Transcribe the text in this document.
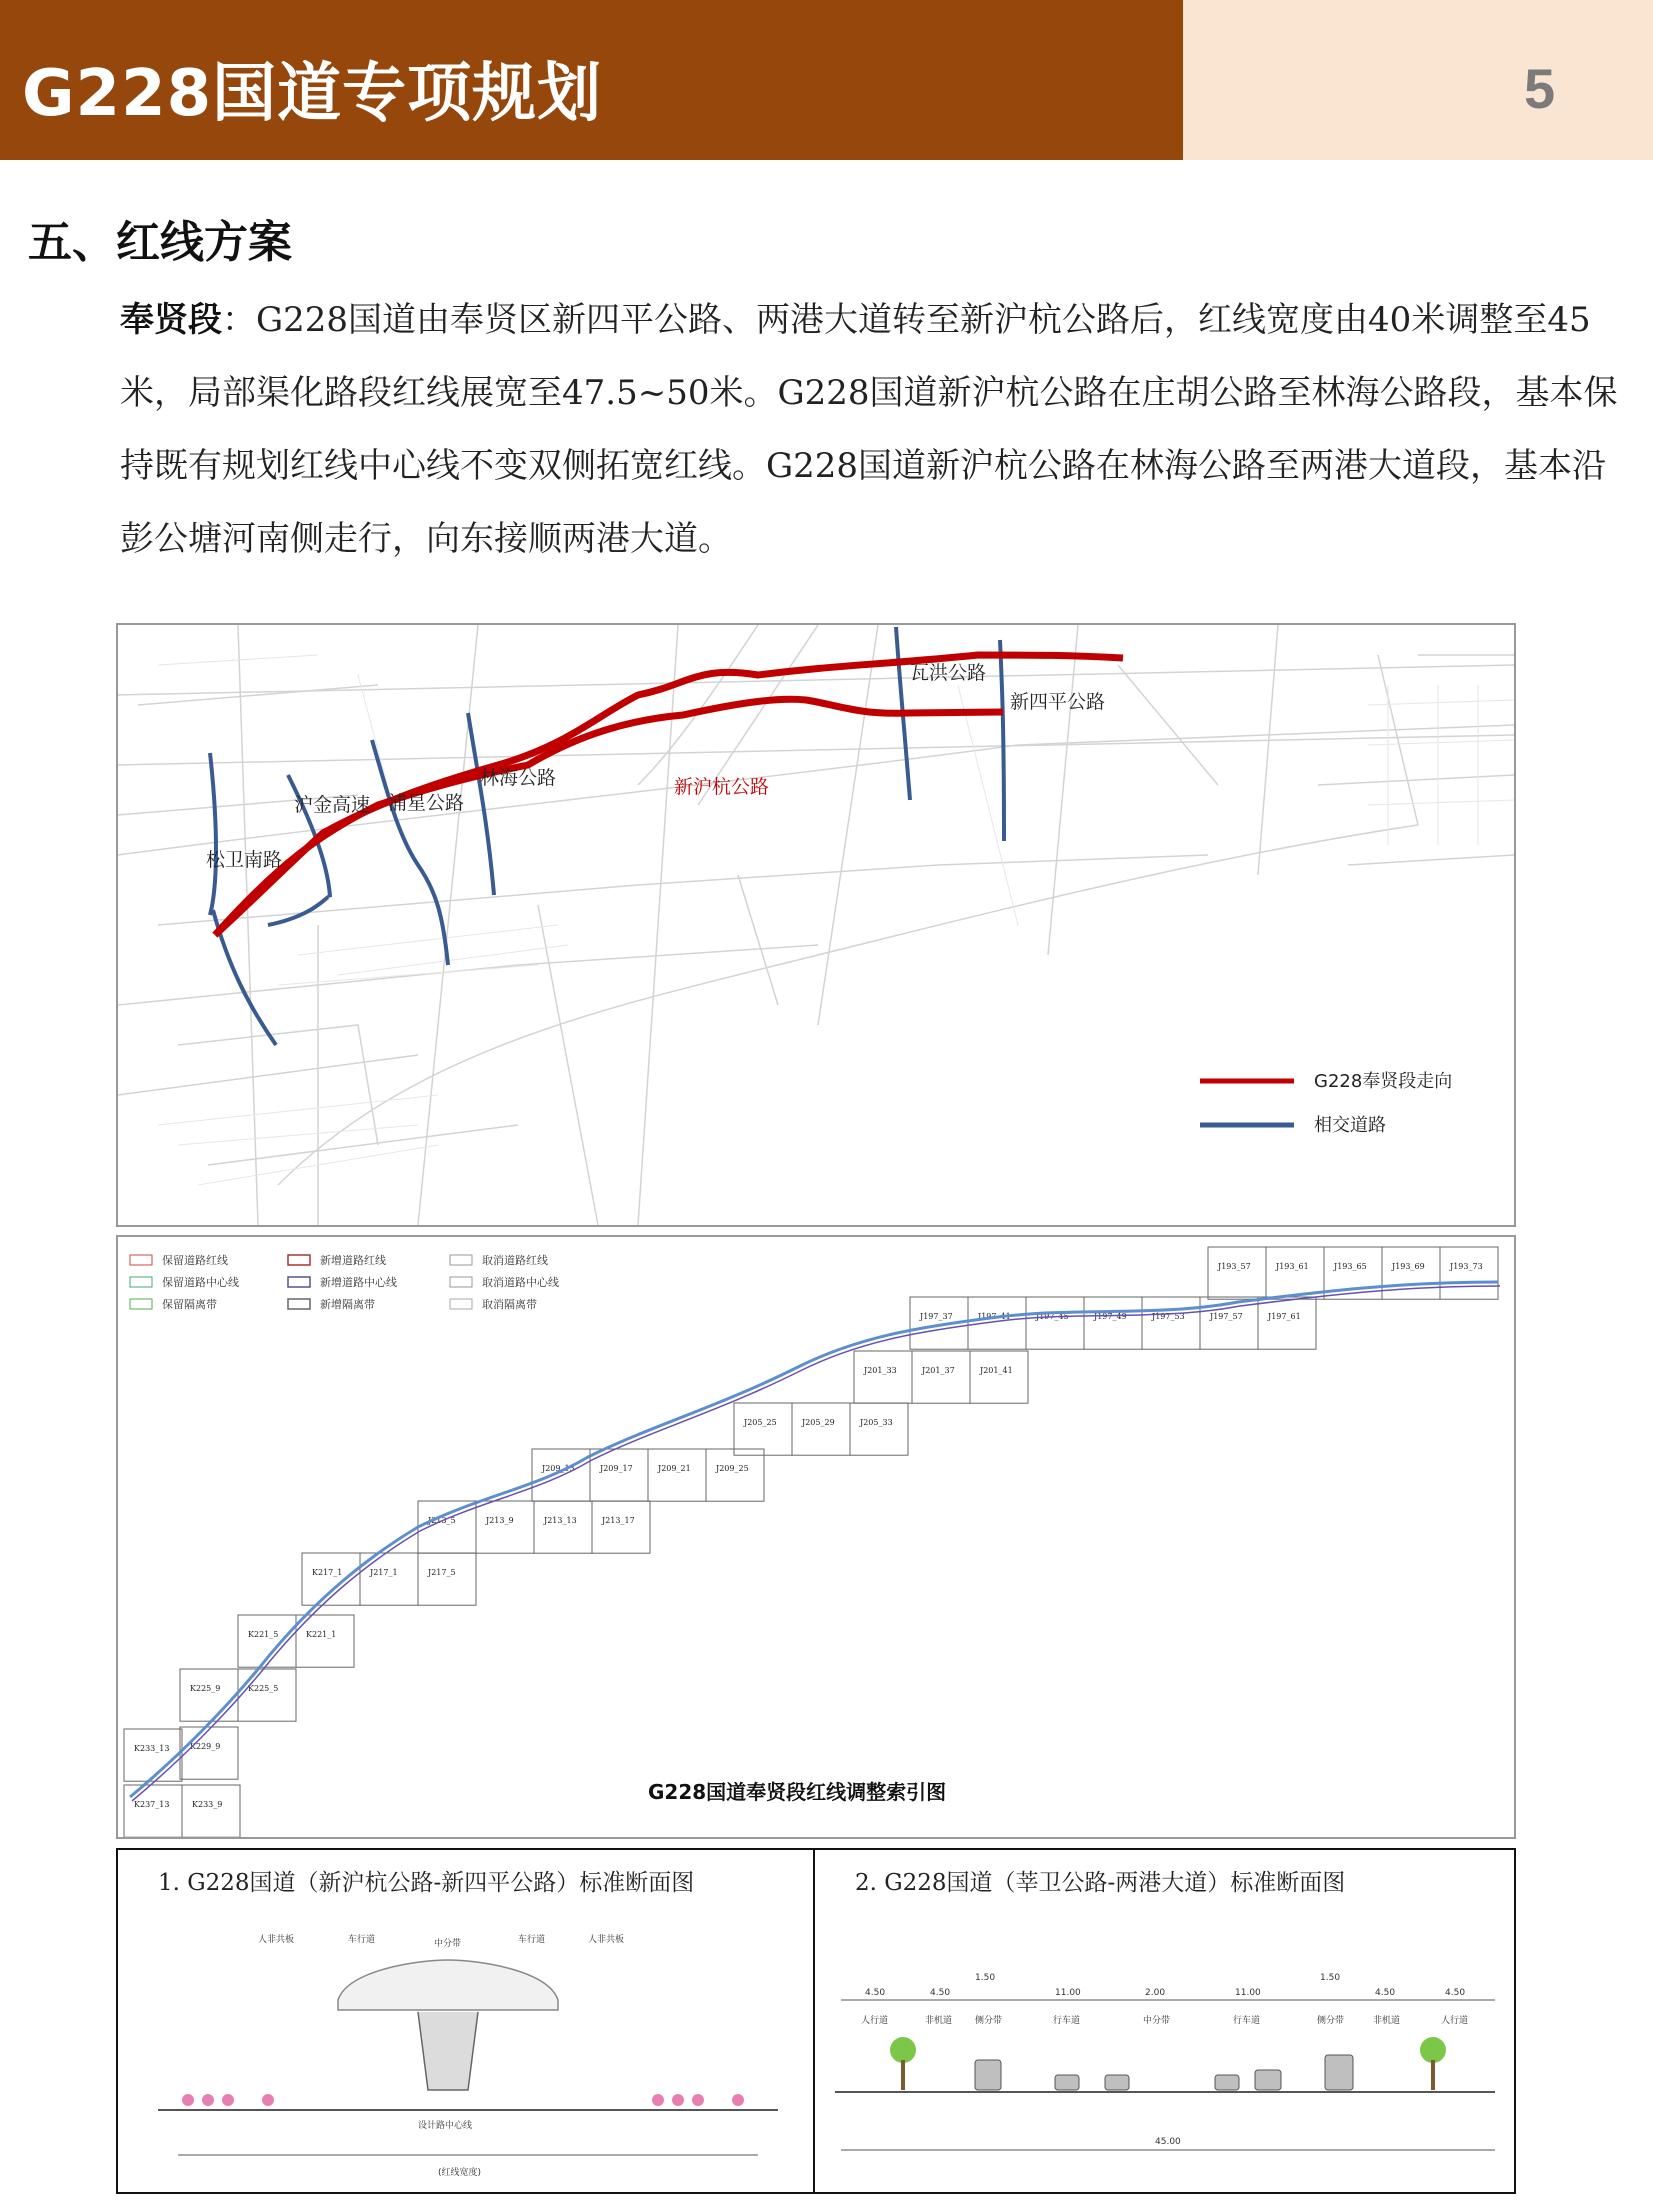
G228国道专项规划	5
五、红线方案
奉贤段：G228国道由奉贤区新四平公路、两港大道转至新沪杭公路后，红线宽度由40米调整至45米，局部渠化路段红线展宽至47.5~50米。G228国道新沪杭公路在庄胡公路至林海公路段，基本保持既有规划红线中心线不变双侧拓宽红线。G228国道新沪杭公路在林海公路至两港大道段，基本沿彭公塘河南侧走行，向东接顺两港大道。
松卫南路
沪金高速 浦星公路
林海公路
瓦洪公路
新四平公路
新沪杭公路
G228奉贤段走向
相交道路
保留道路红线	新增道路红线	取消道路红线
保留道路中心线	新增道路中心线	取消道路中心线
保留隔离带	新增隔离带	取消隔离带
J193_57	J193_61	J193_65	J193_69	J193_73
J197_37	J197_41	J197_45	J197_49	J197_53	J197_57	J197_61
J201_33	J201_37	J201_41
J205_25	J205_29	J205_33
J209_13	J209_17	J209_21	J209_25
J213_5	J213_9	J213_13	J213_17
K217_1	J217_1	J217_5
K221_5	K221_1
K225_9	K225_5
K229_9
K233_13
K233_9
K237_13
G228国道奉贤段红线调整索引图
1. G228国道（新沪杭公路-新四平公路）标准断面图
人非共板	车行道	中分带	车行道	人非共板
设计路中心线
(红线宽度)
2. G228国道（莘卫公路-两港大道）标准断面图
4.50	4.50
1.50
11.00	2.00	11.00
1.50
4.50	4.50
人行道	非机道	侧分带	行车道	中分带	行车道	侧分带	非机道	人行道
45.00
